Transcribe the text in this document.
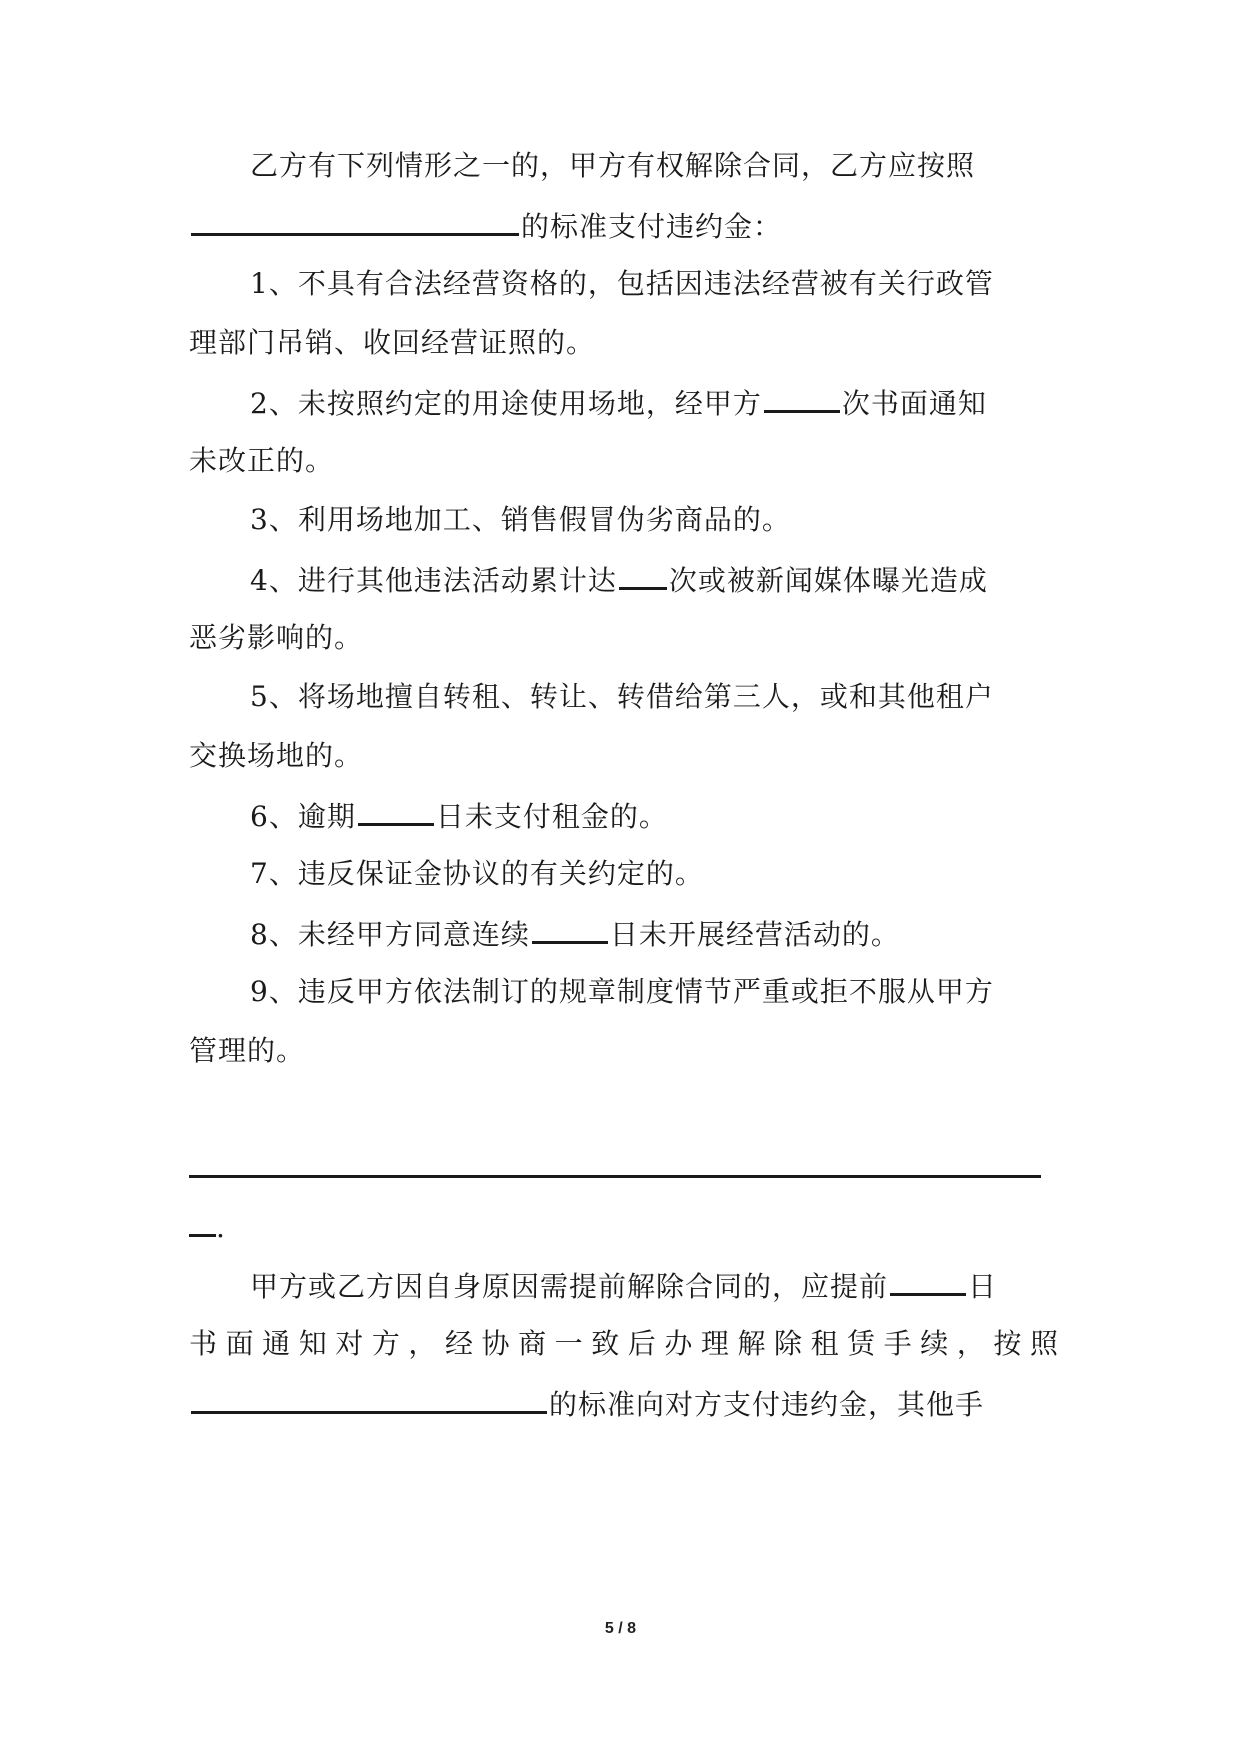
乙方有下列情形之一的，甲方有权解除合同，乙方应按照
的标准支付违约金：
1、不具有合法经营资格的，包括因违法经营被有关行政管
理部门吊销、收回经营证照的。
2、未按照约定的用途使用场地，经甲方	次书面通知
未改正的。
3、利用场地加工、销售假冒伪劣商品的。
4、进行其他违法活动累计达 次或被新闻媒体曝光造成
恶劣影响的。
5、将场地擅自转租、转让、转借给第三人，或和其他租户
交换场地的。
6、逾期	日未支付租金的。
7、违反保证金协议的有关约定的。
8、未经甲方同意连续	日未开展经营活动的。
9、违反甲方依法制订的规章制度情节严重或拒不服从甲方
管理的。
.
甲方或乙方因自身原因需提前解除合同的，应提前	日
书面通知对方，经协商一致后办理解除租赁手续，按照
的标准向对方支付违约金，其他手
5 / 8
